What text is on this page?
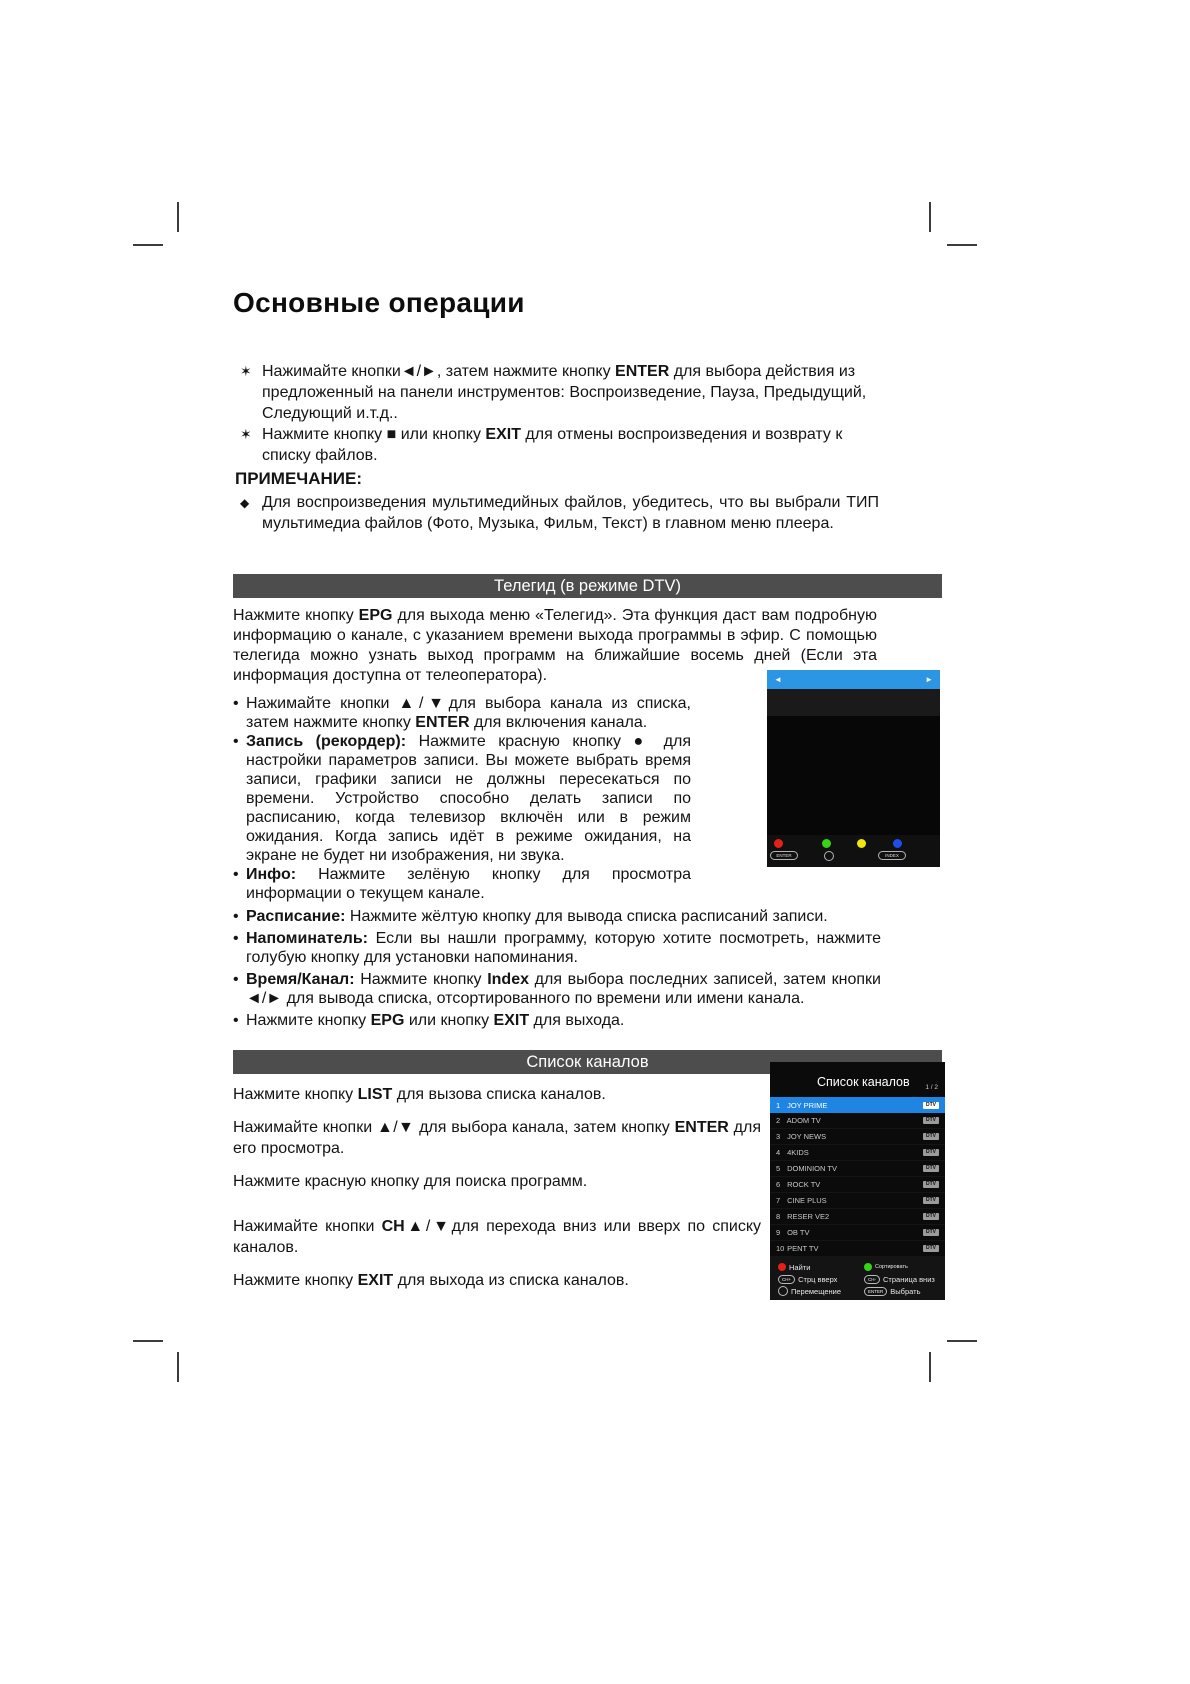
Основные операции
✶ Нажимайте кнопки◄/►, затем нажмите кнопку ENTER для выбора действия из предложенный на панели инструментов: Воспроизведение, Пауза, Предыдущий, Следующий и.т.д..
✶ Нажмите кнопку ■ или кнопку EXIT для отмены воспроизведения и возврату к списку файлов.
ПРИМЕЧАНИЕ:
◆ Для воспроизведения мультимедийных файлов, убедитесь, что вы выбрали ТИП мультимедиа файлов (Фото, Музыка, Фильм, Текст) в главном меню плеера.
Телегид (в режиме DTV)
Нажмите кнопку EPG для выхода меню «Телегид». Эта функция даст вам подробную информацию о канале, с указанием времени выхода программы в эфир. С помощью телегида можно узнать выход программ на ближайшие восемь дней (Если эта информация доступна от телеоператора).
• Нажимайте кнопки ▲/▼для выбора канала из списка, затем нажмите кнопку ENTER для включения канала.
• Запись (рекордер): Нажмите красную кнопку ● для настройки параметров записи. Вы можете выбрать время записи, графики записи не должны пересекаться по времени. Устройство способно делать записи по расписанию, когда телевизор включён или в режим ожидания. Когда запись идёт в режиме ожидания, на экране не будет ни изображения, ни звука.
• Инфо: Нажмите зелёную кнопку для просмотра информации о текущем канале.
◄	►
ENTER	INDEX
• Расписание: Нажмите жёлтую кнопку для вывода списка расписаний записи.
• Напоминатель: Если вы нашли программу, которую хотите посмотреть, нажмите голубую кнопку для установки напоминания.
• Время/Канал: Нажмите кнопку Index для выбора последних записей, затем кнопки ◄/► для вывода списка, отсортированного по времени или имени канала.
• Нажмите кнопку EPG или кнопку EXIT для выхода.
Список каналов
Нажмите кнопку LIST для вызова списка каналов.
Нажимайте кнопки ▲/▼ для выбора канала, затем кнопку ENTER для его просмотра.
Нажмите красную кнопку для поиска программ.
Нажимайте кнопки CH▲/▼для перехода вниз или вверх по списку каналов.
Нажмите кнопку EXIT для выхода из списка каналов.
Список каналов 1 / 2
1 JOY PRIME	DTV
2 ADOM TV	DTV
3 JOY NEWS	DTV
4 4KIDS	DTV
5 DOMINION TV	DTV
6 ROCK TV	DTV
7 CINE PLUS	DTV
8 RESER VE2	DTV
9 OB TV	DTV
10 PENT TV	DTV
Найти	Сортировать
CH+ Стрц вверх	CH- Страница вниз
Перемещение	ENTER Выбрать
